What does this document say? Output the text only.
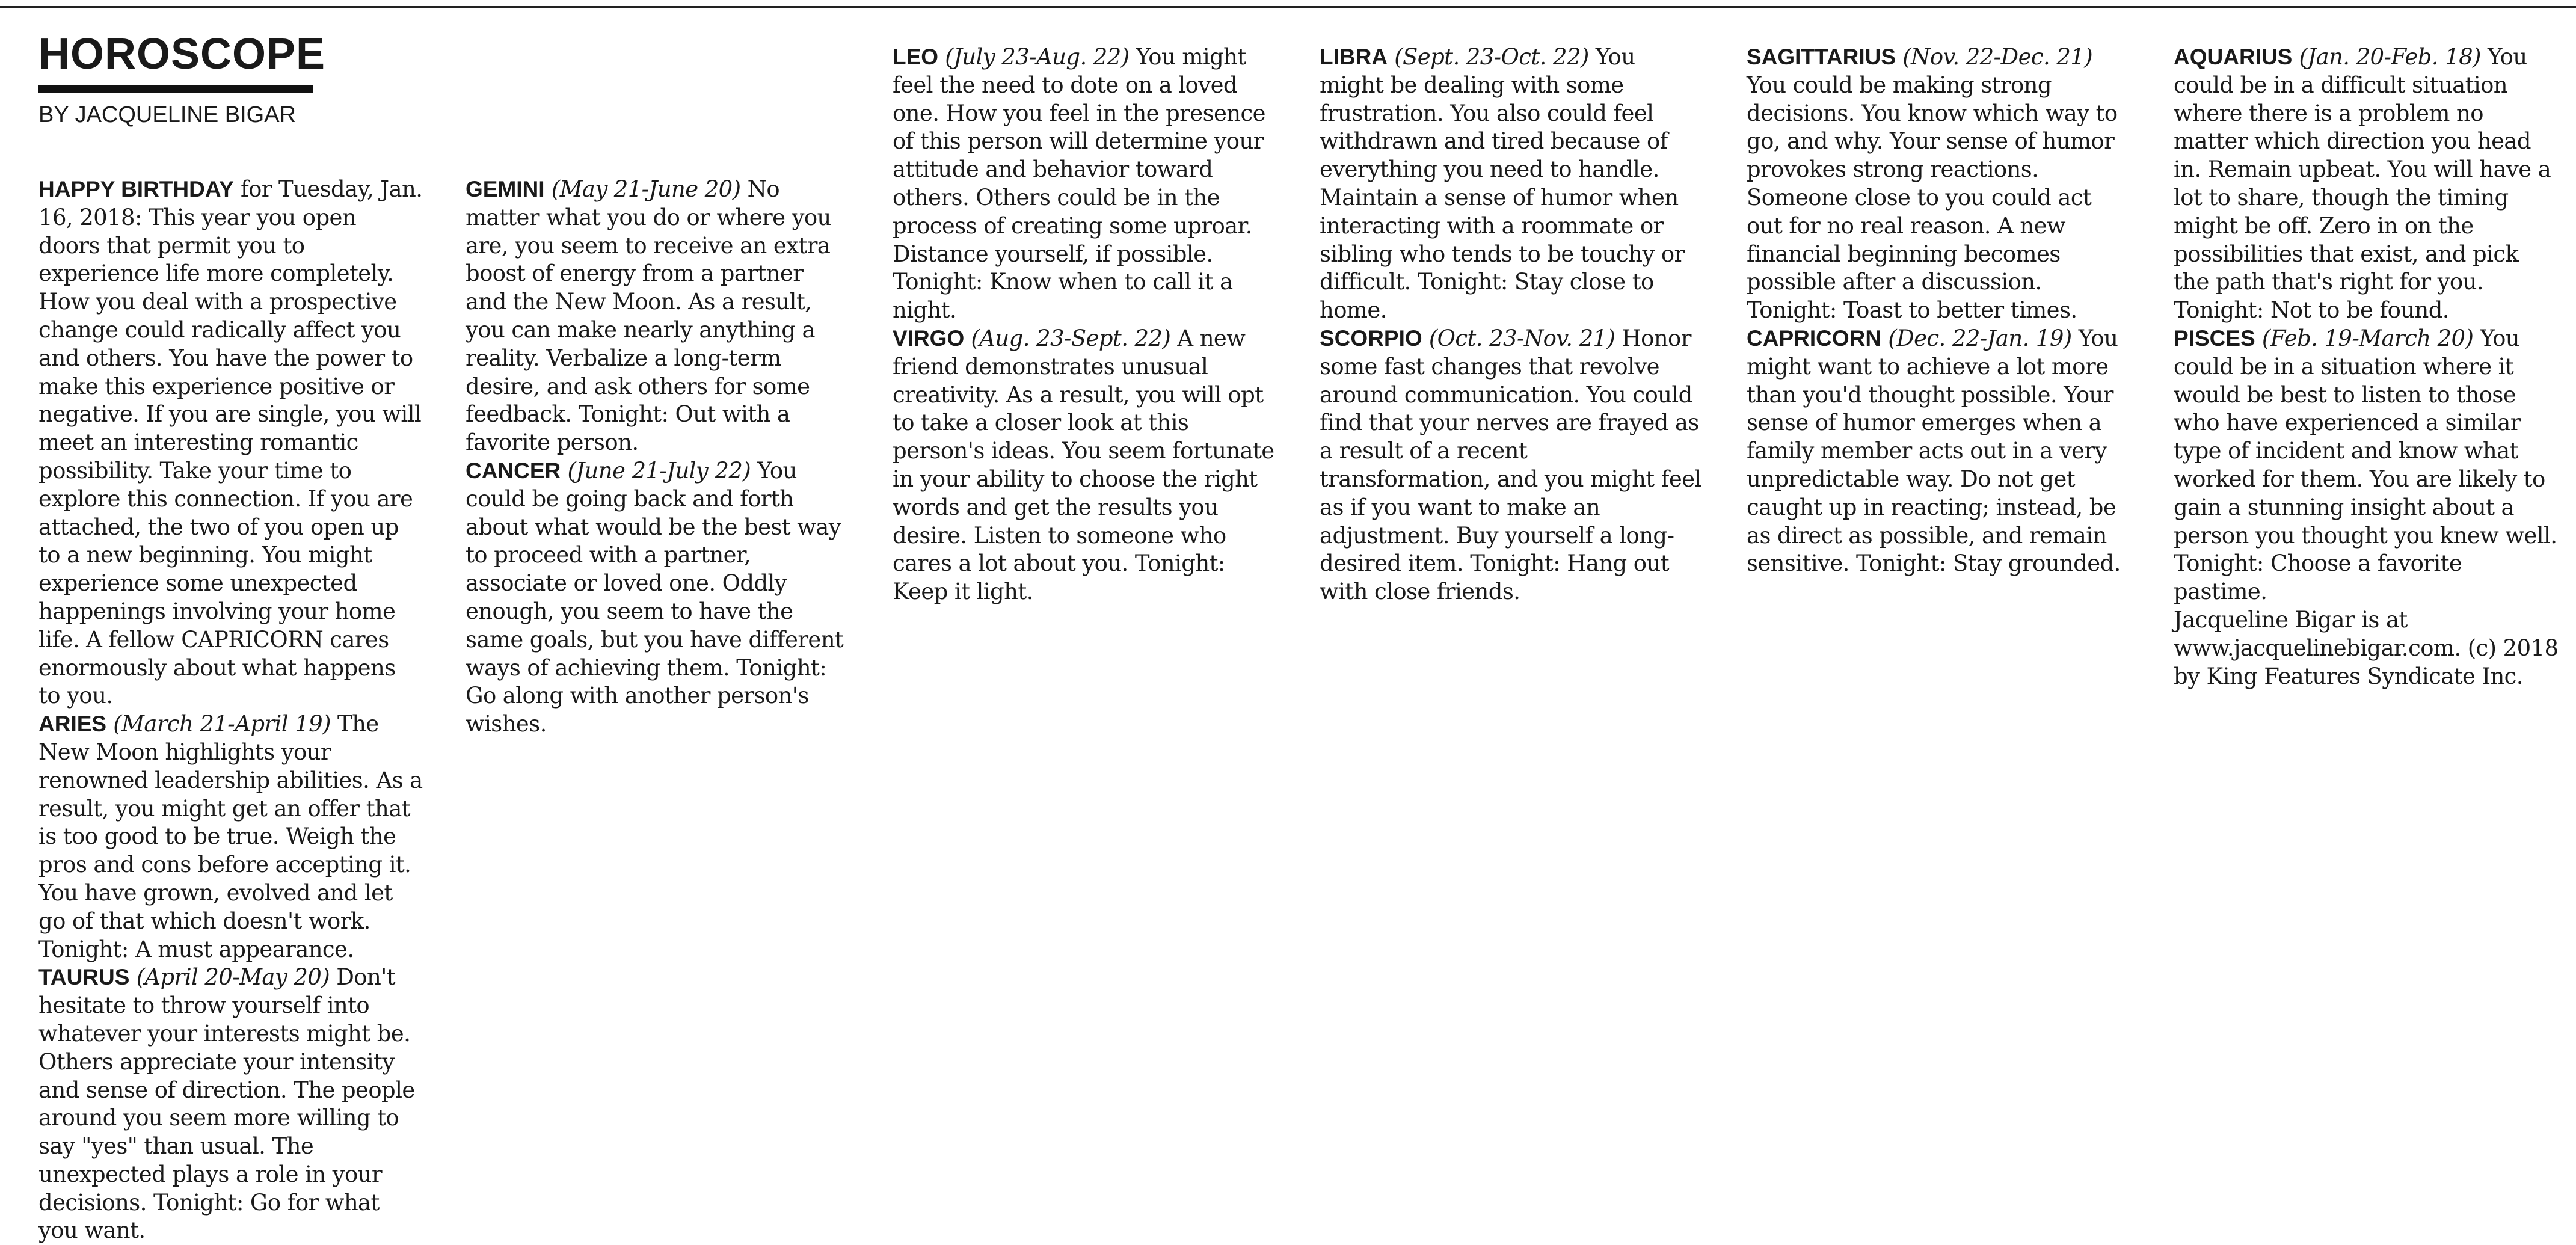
HOROSCOPE
BY JACQUELINE BIGAR

HAPPY BIRTHDAY for Tuesday, Jan. 16, 2018: This year you open doors that permit you to experience life more completely. How you deal with a prospective change could radically affect you and others. You have the power to make this experience positive or negative. If you are single, you will meet an interesting romantic possibility. Take your time to explore this connection. If you are attached, the two of you open up to a new beginning. You might experience some unexpected happenings involving your home life. A fellow CAPRICORN cares enormously about what happens to you.

ARIES (March 21-April 19) The New Moon highlights your renowned leadership abilities. As a result, you might get an offer that is too good to be true. Weigh the pros and cons before accepting it. You have grown, evolved and let go of that which doesn't work. Tonight: A must appearance.

TAURUS (April 20-May 20) Don't hesitate to throw yourself into whatever your interests might be. Others appreciate your intensity and sense of direction. The people around you seem more willing to say "yes" than usual. The unexpected plays a role in your decisions. Tonight: Go for what you want.

GEMINI (May 21-June 20) No matter what you do or where you are, you seem to receive an extra boost of energy from a partner and the New Moon. As a result, you can make nearly anything a reality. Verbalize a long-term desire, and ask others for some feedback. Tonight: Out with a favorite person.

CANCER (June 21-July 22) You could be going back and forth about what would be the best way to proceed with a partner, associate or loved one. Oddly enough, you seem to have the same goals, but you have different ways of achieving them. Tonight: Go along with another person's wishes.

LEO (July 23-Aug. 22) You might feel the need to dote on a loved one. How you feel in the presence of this person will determine your attitude and behavior toward others. Others could be in the process of creating some uproar. Distance yourself, if possible. Tonight: Know when to call it a night.

VIRGO (Aug. 23-Sept. 22) A new friend demonstrates unusual creativity. As a result, you will opt to take a closer look at this person's ideas. You seem fortunate in your ability to choose the right words and get the results you desire. Listen to someone who cares a lot about you. Tonight: Keep it light.

LIBRA (Sept. 23-Oct. 22) You might be dealing with some frustration. You also could feel withdrawn and tired because of everything you need to handle. Maintain a sense of humor when interacting with a roommate or sibling who tends to be touchy or difficult. Tonight: Stay close to home.

SCORPIO (Oct. 23-Nov. 21) Honor some fast changes that revolve around communication. You could find that your nerves are frayed as a result of a recent transformation, and you might feel as if you want to make an adjustment. Buy yourself a long-desired item. Tonight: Hang out with close friends.

SAGITTARIUS (Nov. 22-Dec. 21) You could be making strong decisions. You know which way to go, and why. Your sense of humor provokes strong reactions. Someone close to you could act out for no real reason. A new financial beginning becomes possible after a discussion. Tonight: Toast to better times.

CAPRICORN (Dec. 22-Jan. 19) You might want to achieve a lot more than you'd thought possible. Your sense of humor emerges when a family member acts out in a very unpredictable way. Do not get caught up in reacting; instead, be as direct as possible, and remain sensitive. Tonight: Stay grounded.

AQUARIUS (Jan. 20-Feb. 18) You could be in a difficult situation where there is a problem no matter which direction you head in. Remain upbeat. You will have a lot to share, though the timing might be off. Zero in on the possibilities that exist, and pick the path that's right for you. Tonight: Not to be found.

PISCES (Feb. 19-March 20) You could be in a situation where it would be best to listen to those who have experienced a similar type of incident and know what worked for them. You are likely to gain a stunning insight about a person you thought you knew well. Tonight: Choose a favorite pastime.

Jacqueline Bigar is at www.jacquelinebigar.com. (c) 2018 by King Features Syndicate Inc.
